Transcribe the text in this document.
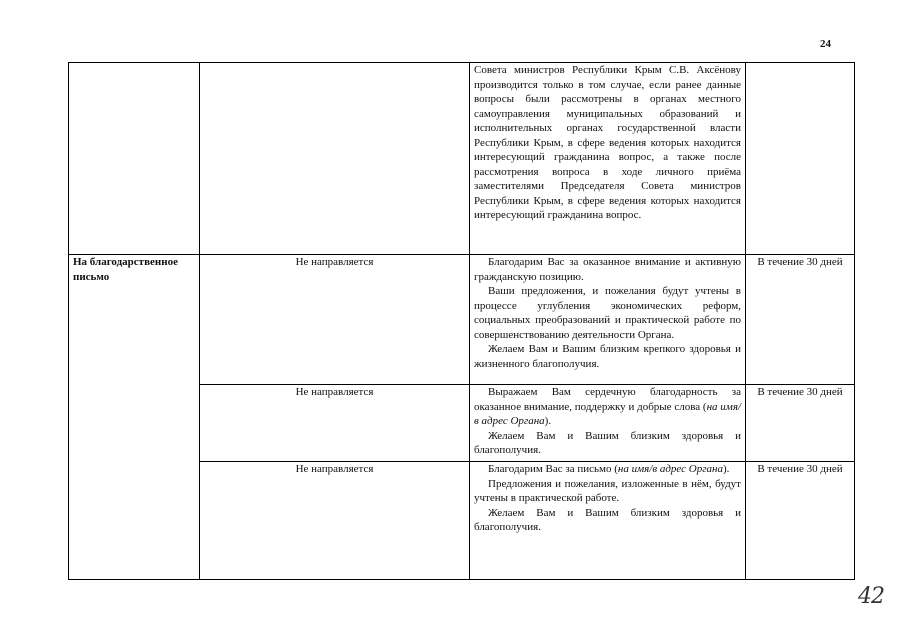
24

		Совета министров Республики Крым С.В. Аксёнову производится только в том случае, если ранее данные вопросы были рассмотрены в органах местного самоуправления муниципальных образований и исполнительных органах государственной власти Республики Крым, в сфере ведения которых находится интересующий гражданина вопрос, а также после рассмотрения вопроса в ходе личного приёма заместителями Председателя Совета министров Республики Крым, в сфере ведения которых находится интересующий гражданина вопрос.	

На благодарственное письмо	Не направляется	Благодарим Вас за оказанное внимание и активную гражданскую позицию.

Ваши предложения, и пожелания будут учтены в процессе углубления экономических реформ, социальных преобразований и практической работе по совершенствованию деятельности Органа.

Желаем Вам и Вашим близким крепкого здоровья и жизненного благополучия.	В течение 30 дней
	Не направляется	Выражаем Вам сердечную благодарность за оказанное внимание, поддержку и добрые слова (на имя/в адрес Органа).

Желаем Вам и Вашим близким здоровья и благополучия.	В течение 30 дней
	Не направляется	Благодарим Вас за письмо (на имя/в адрес Органа).

Предложения и пожелания, изложенные в нём, будут учтены в практической работе.

Желаем Вам и Вашим близким здоровья и благополучия.	В течение 30 дней
42
